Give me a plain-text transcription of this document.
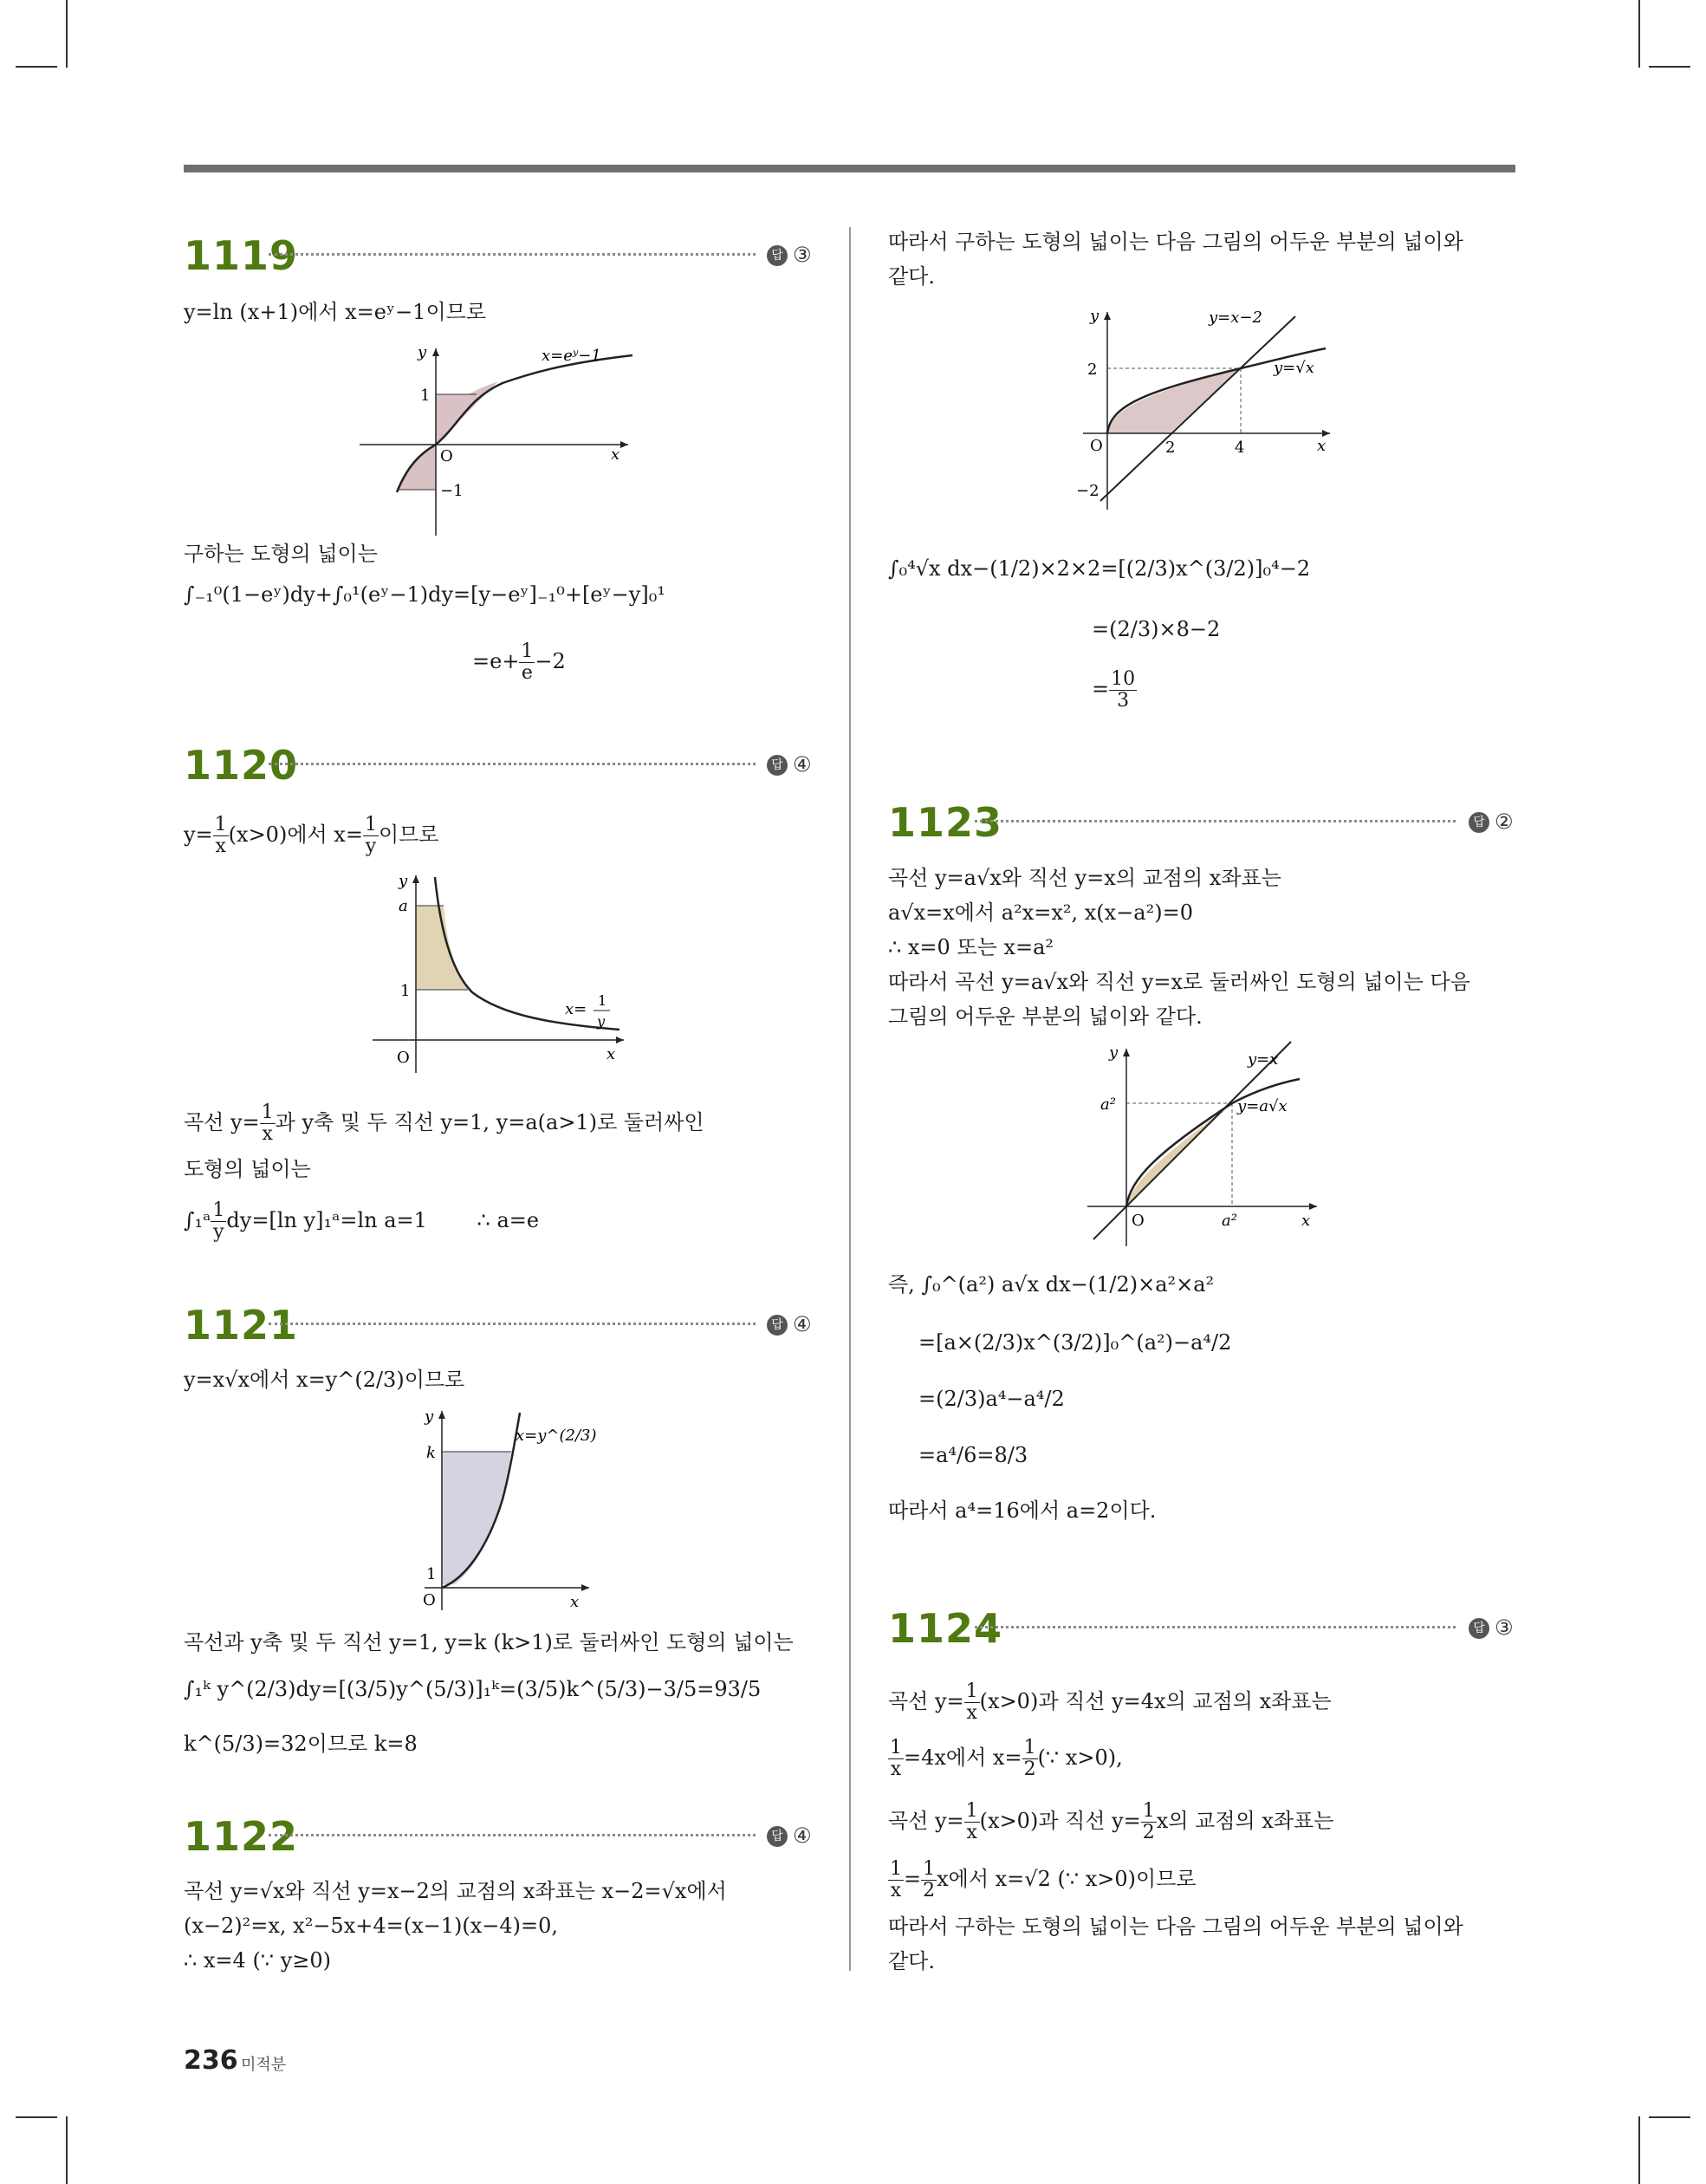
1119	답 ③
y=ln (x+1)에서 x=eʸ−1이므로
y
x
O
1
−1
x=eʸ−1
구하는 도형의 넓이는
∫₋₁⁰(1−eʸ)dy+∫₀¹(eʸ−1)dy=[y−eʸ]₋₁⁰+[eʸ−y]₀¹
$=e+ \frac{1}{e} -2$
1120	답 ④
$y= \frac{1}{x} (x>0)$에서 $x= \frac{1}{y}$ 이므로
y
x
O
a
1
x= 1
y
곡선 $y= \frac{1}{x}$ 과 y축 및 두 직선 y=1, y=a(a>1)로 둘러싸인
도형의 넓이는
∫₁ᵃ $\frac{1}{y} dy=[\ln$ y]₁ᵃ=ln a=1 ∴ a=e
1121	답 ④
y=x√x에서 x=y^(2/3)이므로
y
x
O
k
1
x=y^(2/3)
곡선과 y축 및 두 직선 y=1, y=k (k>1)로 둘러싸인 도형의 넓이는
∫₁ᵏ y^(2/3)dy=[(3/5)y^(5/3)]₁ᵏ=(3/5)k^(5/3)−3/5=93/5
k^(5/3)=32이므로 k=8
1122	답 ④
곡선 y=√x와 직선 y=x−2의 교점의 x좌표는 x−2=√x에서
(x−2)²=x, x²−5x+4=(x−1)(x−4)=0,
∴ x=4 (∵ y≥0)
따라서 구하는 도형의 넓이는 다음 그림의 어두운 부분의 넓이와
같다.
y
x
O
2
2	4
−2
y=x−2
y=√x
∫₀⁴√x dx−(1/2)×2×2=[(2/3)x^(3/2)]₀⁴−2
=(2/3)×8−2
= $\frac{10}{3}$
1123	답 ②
곡선 y=a√x와 직선 y=x의 교점의 x좌표는
a√x=x에서 a²x=x², x(x−a²)=0
∴ x=0 또는 x=a²
따라서 곡선 y=a√x와 직선 y=x로 둘러싸인 도형의 넓이는 다음
그림의 어두운 부분의 넓이와 같다.
y
x
O
a²
a²
y=x
y=a√x
즉, ∫₀^(a²) a√x dx−(1/2)×a²×a²
=[a×(2/3)x^(3/2)]₀^(a²)−a⁴/2
=(2/3)a⁴−a⁴/2
=a⁴/6=8/3
따라서 a⁴=16에서 a=2이다.
1124	답 ③
곡선 $y= \frac{1}{x} (x>0)$과 직선 y=4x의 교점의 x좌표는
$\frac{1}{x} =4x$에서 $x= \frac{1}{2}$ (∵ x>0),
곡선 $y= \frac{1}{x} (x>0)$과 직선 $y= \frac{1}{2}$ x의 교점의 x좌표는
$\frac{1}{x} = \frac{1}{2}$ x에서 x=√2 (∵ x>0)이므로
따라서 구하는 도형의 넓이는 다음 그림의 어두운 부분의 넓이와
같다.
236 미적분
